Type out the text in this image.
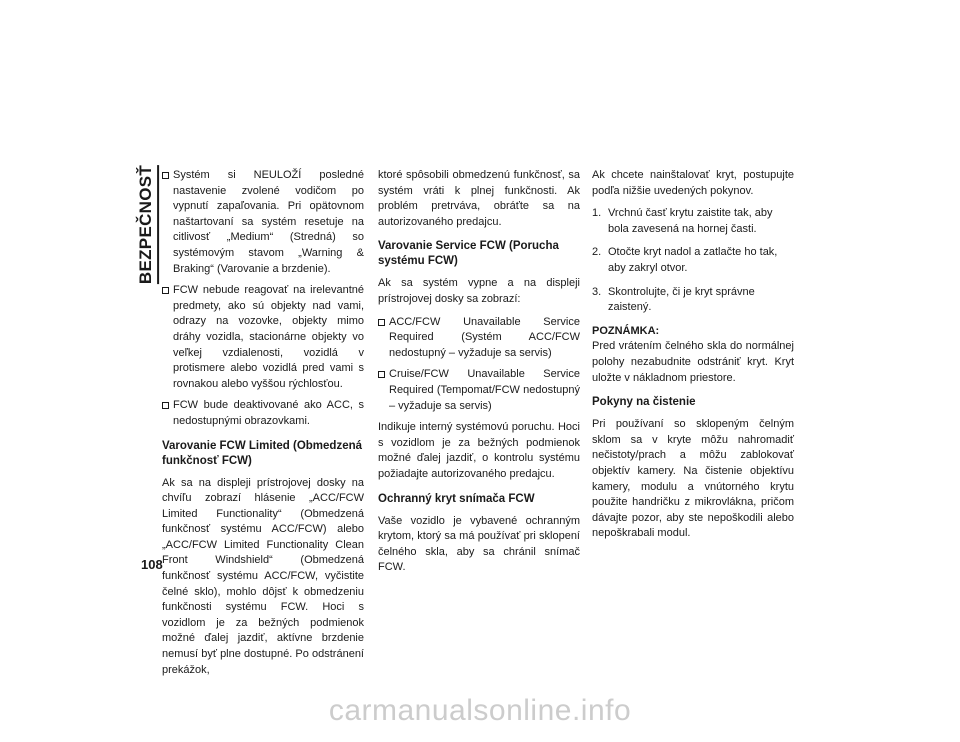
BEZPEČNOSŤ
108
Systém si NEULOŽÍ posledné nastavenie zvolené vodičom po vypnutí zapaľovania. Pri opätovnom naštartovaní sa systém resetuje na citlivosť „Medium“ (Stredná) so systémovým stavom „Warning & Braking“ (Varovanie a brzdenie).
FCW nebude reagovať na irelevantné predmety, ako sú objekty nad vami, odrazy na vozovke, objekty mimo dráhy vozidla, stacionárne objekty vo veľkej vzdialenosti, vozidlá v protismere alebo vozidlá pred vami s rovnakou alebo vyššou rýchlosťou.
FCW bude deaktivované ako ACC, s nedostupnými obrazovkami.
Varovanie FCW Limited (Obmedzená funkčnosť FCW)

Ak sa na displeji prístrojovej dosky na chvíľu zobrazí hlásenie „ACC/FCW Limited Functionality“ (Obmedzená funkčnosť systému ACC/FCW) alebo „ACC/FCW Limited Functionality Clean Front Windshield“ (Obmedzená funkčnosť systému ACC/FCW, vyčistite čelné sklo), mohlo dôjsť k obmedzeniu funkčnosti systému FCW. Hoci s vozidlom je za bežných podmienok možné ďalej jazdiť, aktívne brzdenie nemusí byť plne dostupné. Po odstránení prekážok,

ktoré spôsobili obmedzenú funkčnosť, sa systém vráti k plnej funkčnosti. Ak problém pretrváva, obráťte sa na autorizovaného predajcu.

Varovanie Service FCW (Porucha systému FCW)

Ak sa systém vypne a na displeji prístrojovej dosky sa zobrazí:

ACC/FCW Unavailable Service Required (Systém ACC/FCW nedostupný – vyžaduje sa servis)
Cruise/FCW Unavailable Service Required (Tempomat/FCW nedostupný – vyžaduje sa servis)

Indikuje interný systémovú poruchu. Hoci s vozidlom je za bežných podmienok možné ďalej jazdiť, o kontrolu systému požiadajte autorizovaného predajcu.

Ochranný kryt snímača FCW

Vaše vozidlo je vybavené ochranným krytom, ktorý sa má používať pri sklopení čelného skla, aby sa chránil snímač FCW.

Ak chcete nainštalovať kryt, postupujte podľa nižšie uvedených pokynov.

1. Vrchnú časť krytu zaistite tak, aby bola zavesená na hornej časti.
2. Otočte kryt nadol a zatlačte ho tak, aby zakryl otvor.
3. Skontrolujte, či je kryt správne zaistený.
POZNÁMKA:

Pred vrátením čelného skla do normálnej polohy nezabudnite odstrániť kryt. Kryt uložte v nákladnom priestore.

Pokyny na čistenie

Pri používaní so sklopeným čelným sklom sa v kryte môžu nahromadiť nečistoty/prach a môžu zablokovať objektív kamery. Na čistenie objektívu kamery, modulu a vnútorného krytu použite handričku z mikrovlákna, pričom dávajte pozor, aby ste nepoškodili alebo nepoškrabali modul.

carmanualsonline.info
